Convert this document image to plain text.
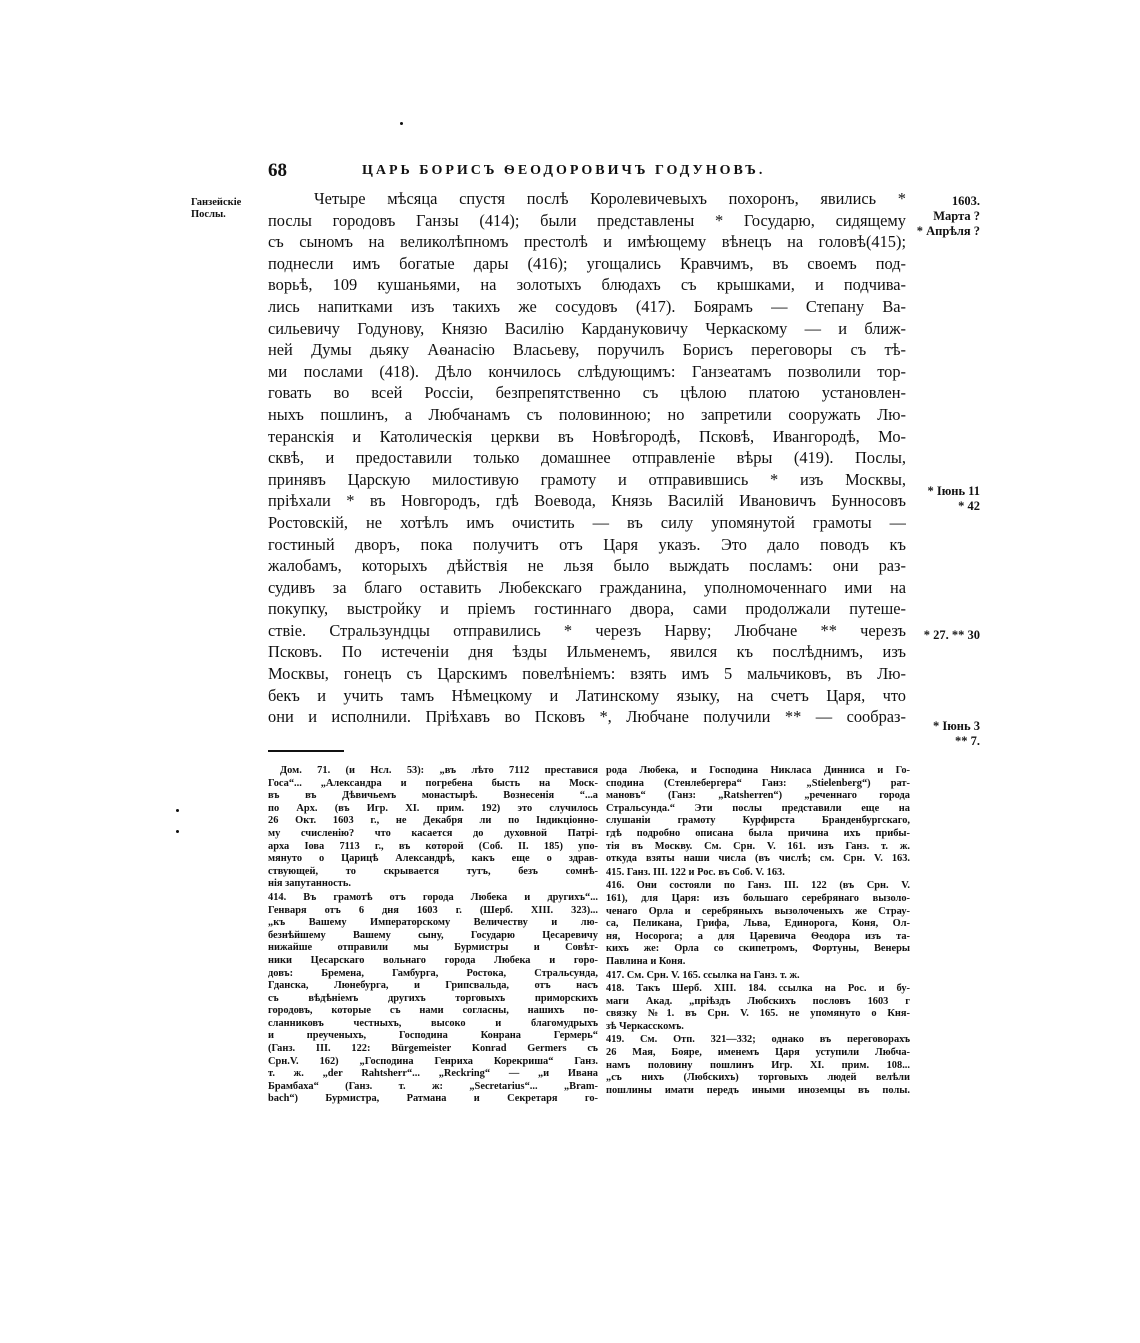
68	ЦАРЬ БОРИСЪ ѲЕОДОРОВИЧЪ ГОДУНОВЪ.
Ганзейскіе
Послы.
Четыре мѣсяца спустя послѣ Королевичевыхъ похоронъ, явились *
послы городовъ Ганзы (414); были представлены * Государю, сидящему
съ сыномъ на великолѣпномъ престолѣ и имѣющему вѣнецъ на головѣ(415);
поднесли имъ богатые дары (416); угощались Кравчимъ, въ своемъ под-
ворьѣ, 109 кушаньями, на золотыхъ блюдахъ съ крышками, и подчива-
лись напитками изъ такихъ же сосудовъ (417). Боярамъ — Степану Ва-
сильевичу Годунову, Князю Василію Кардануковичу Черкаскому — и ближ-
ней Думы дьяку Аѳанасію Власьеву, поручилъ Борисъ переговоры съ тѣ-
ми послами (418). Дѣло кончилось слѣдующимъ: Ганзеатамъ позволили тор-
говать во всей Россіи, безпрепятственно съ цѣлою платою установлен-
ныхъ пошлинъ, а Любчанамъ съ половинною; но запретили сооружать Лю-
теранскія и Католическія церкви въ Новѣгородѣ, Псковѣ, Ивангородѣ, Мо-
сквѣ, и предоставили только домашнее отправленіе вѣры (419). Послы,
принявъ Царскую милостивую грамоту и отправившись * изъ Москвы,
пріѣхали * въ Новгородъ, гдѣ Воевода, Князь Василій Ивановичъ Бунносовъ
Ростовскій, не хотѣлъ имъ очистить — въ силу упомянутой грамоты —
гостиный дворъ, пока получитъ отъ Царя указъ. Это дало поводъ къ
жалобамъ, которыхъ дѣйствія не льзя было выждать посламъ: они раз-
судивъ за благо оставить Любекскаго гражданина, уполномоченнаго ими на
покупку, выстройку и пріемъ гостиннаго двора, сами продолжали путеше-
ствіе. Стральзундцы отправились * черезъ Нарву; Любчане ** черезъ
Псковъ. По истеченіи дня ѣзды Ильменемъ, явился къ послѣднимъ, изъ
Москвы, гонецъ съ Царскимъ повелѣніемъ: взять имъ 5 мальчиковъ, въ Лю-
бекъ и учить тамъ Нѣмецкому и Латинскому языку, на счетъ Царя, что
они и исполнили. Пріѣхавъ во Псковъ *, Любчане получили ** — сообраз-
1603.
Марта ?
* Апрѣля ?
* Іюнь 11
* 42
* 27. ** 30
* Іюнь 3
** 7.
Дом. 71. (и Нсл. 53): „въ лѣто 7112 преставися
Госа“... „Александра и погребена бысть на Моск-
въ въ Дѣвичьемъ монастырѣ. Вознесенія “...а
по Арх. (въ Игр. XI. прим. 192) это случилось
26 Окт. 1603 г., не Декабря ли по Індикціонно-
му счисленію? что касается до духовной Патрі-
арха Іова 7113 г., въ которой (Соб. II. 185) упо-
мянуто о Царицѣ Александрѣ, какъ еще о здрав-
ствующей, то скрывается тутъ, безъ сомнѣ-
нія запутанность.
414. Въ грамотѣ отъ города Любека и другихъ“...
Генваря отъ 6 дня 1603 г. (Шерб. XIII. 323)...
„къ Вашему Императорскому Величеству и лю-
безнѣйшему Вашему сыну, Государю Цесаревичу
нижайше отправили мы Бурмистры и Совѣт-
ники Цесарскаго вольнаго города Любека и горо-
довъ: Бремена, Гамбурга, Ростока, Стральсунда,
Гданска, Люнебурга, и Грипсвальда, отъ насъ
съ вѣдѣніемъ другихъ торговыхъ приморскихъ
городовъ, которые съ нами согласны, нашихъ по-
сланниковъ честныхъ, высоко и благомудрыхъ
и преученыхъ, Господина Конрана Гермерь“
(Ганз. III. 122: Bürgemeister Konrad Germers съ
Срн.V. 162) „Господина Генриха Корекриша“ Ганз.
т. ж. „der Rahtsherr“... „Reckring“ — „и Ивана
Брамбаха“ (Ганз. т. ж: „Secretarius“... „Bram-
bach“) Бурмистра, Ратмана и Секретаря го-
рода Любека, и Господина Никласа Динниса и Го-
сподина (Стенлебергера“ Ганз: „Stielenberg“) рат-
мановъ“ (Ганз: „Ratsherren“) „реченнаго города
Стральсунда.“ Эти послы представили еще на
слушаніи грамоту Курфирста Бранденбургскаго,
гдѣ подробно описана была причина ихъ прибы-
тія въ Москву. См. Срн. V. 161. изъ Ганз. т. ж.
откуда взяты наши числа (въ числѣ; см. Срн. V. 163.
415. Ганз. III. 122 и Рос. въ Соб. V. 163.
416. Они состояли по Ганз. III. 122 (въ Срн. V.
161), для Царя: изъ большаго серебрянаго вызоло-
ченаго Орла и серебряныхъ вызолоченыхъ же Страу-
са, Пеликана, Грифа, Льва, Единорога, Коня, Ол-
ня, Носорога; а для Царевича Ѳеодора изъ та-
кихъ же: Орла со скипетромъ, Фортуны, Венеры
Павлина и Коня.
417. См. Срн. V. 165. ссылка на Ганз. т. ж.
418. Такъ Шерб. XIII. 184. ссылка на Рос. и бу-
маги Акад. „пріѣздъ Любскихъ пословъ 1603 г
связку №1. въ Срн. V. 165. не упомянуто о Кня-
зѣ Черкасскомъ.
419. См. Отп. 321—332; однако въ переговорахъ
26 Мая, Бояре, именемъ Царя уступили Любча-
намъ половину пошлинъ Игр. XI. прим. 108...
„съ нихъ (Любскихъ) торговыхъ людей велѣли
пошлины имати передъ иными иноземцы въ полы.
